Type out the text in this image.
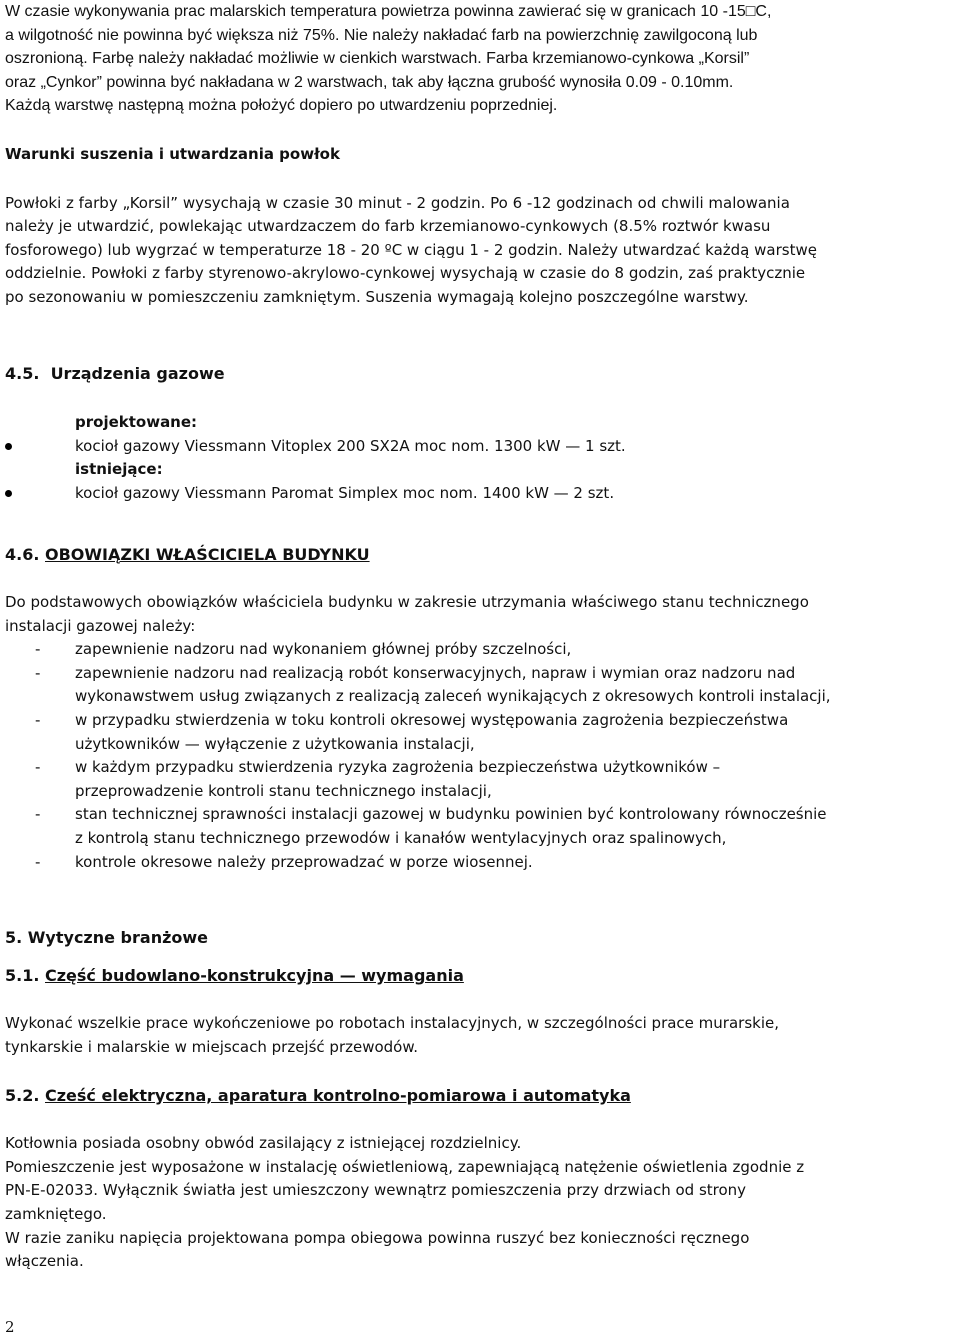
W czasie wykonywania prac malarskich temperatura powietrza powinna zawierać się w granicach 10 -15□C,

a wilgotność nie powinna być większa niż 75%. Nie należy nakładać farb na powierzchnię zawilgoconą lub

oszronioną. Farbę należy nakładać możliwie w cienkich warstwach. Farba krzemianowo-cynkowa „Korsil”

oraz „Cynkor” powinna być nakładana w 2 warstwach, tak aby łączna grubość wynosiła 0.09 - 0.10mm.

Każdą warstwę następną można położyć dopiero po utwardzeniu poprzedniej.

Warunki suszenia i utwardzania powłok

Powłoki z farby „Korsil” wysychają w czasie 30 minut - 2 godzin. Po 6 -12 godzinach od chwili malowania

należy je utwardzić, powlekając utwardzaczem do farb krzemianowo-cynkowych (8.5% roztwór kwasu

fosforowego) lub wygrzać w temperaturze 18 - 20 ºC w ciągu 1 - 2 godzin. Należy utwardzać każdą warstwę

oddzielnie. Powłoki z farby styrenowo-akrylowo-cynkowej wysychają w czasie do 8 godzin, zaś praktycznie

po sezonowaniu w pomieszczeniu zamkniętym. Suszenia wymagają kolejno poszczególne warstwy.

4.5. Urządzenia gazowe

projektowane:

kocioł gazowy Viessmann Vitoplex 200 SX2A moc nom. 1300 kW — 1 szt.

istniejące:

kocioł gazowy Viessmann Paromat Simplex moc nom. 1400 kW — 2 szt.

4.6. OBOWIĄZKI WŁAŚCICIELA BUDYNKU

Do podstawowych obowiązków właściciela budynku w zakresie utrzymania właściwego stanu technicznego

instalacji gazowej należy:

- zapewnienie nadzoru nad wykonaniem głównej próby szczelności,

- zapewnienie nadzoru nad realizacją robót konserwacyjnych, napraw i wymian oraz nadzoru nad

wykonawstwem usług związanych z realizacją zaleceń wynikających z okresowych kontroli instalacji,

- w przypadku stwierdzenia w toku kontroli okresowej występowania zagrożenia bezpieczeństwa

użytkowników — wyłączenie z użytkowania instalacji,

- w każdym przypadku stwierdzenia ryzyka zagrożenia bezpieczeństwa użytkowników –

przeprowadzenie kontroli stanu technicznego instalacji,

- stan technicznej sprawności instalacji gazowej w budynku powinien być kontrolowany równocześnie

z kontrolą stanu technicznego przewodów i kanałów wentylacyjnych oraz spalinowych,

- kontrole okresowe należy przeprowadzać w porze wiosennej.

5. Wytyczne branżowe

5.1. Część budowlano-konstrukcyjna — wymagania

Wykonać wszelkie prace wykończeniowe po robotach instalacyjnych, w szczególności prace murarskie,

tynkarskie i malarskie w miejscach przejść przewodów.

5.2. Cześć elektryczna, aparatura kontrolno-pomiarowa i automatyka

Kotłownia posiada osobny obwód zasilający z istniejącej rozdzielnicy.

Pomieszczenie jest wyposażone w instalację oświetleniową, zapewniającą natężenie oświetlenia zgodnie z

PN-E-02033. Wyłącznik światła jest umieszczony wewnątrz pomieszczenia przy drzwiach od strony

zamkniętego.

W razie zaniku napięcia projektowana pompa obiegowa powinna ruszyć bez konieczności ręcznego

włączenia.

2
